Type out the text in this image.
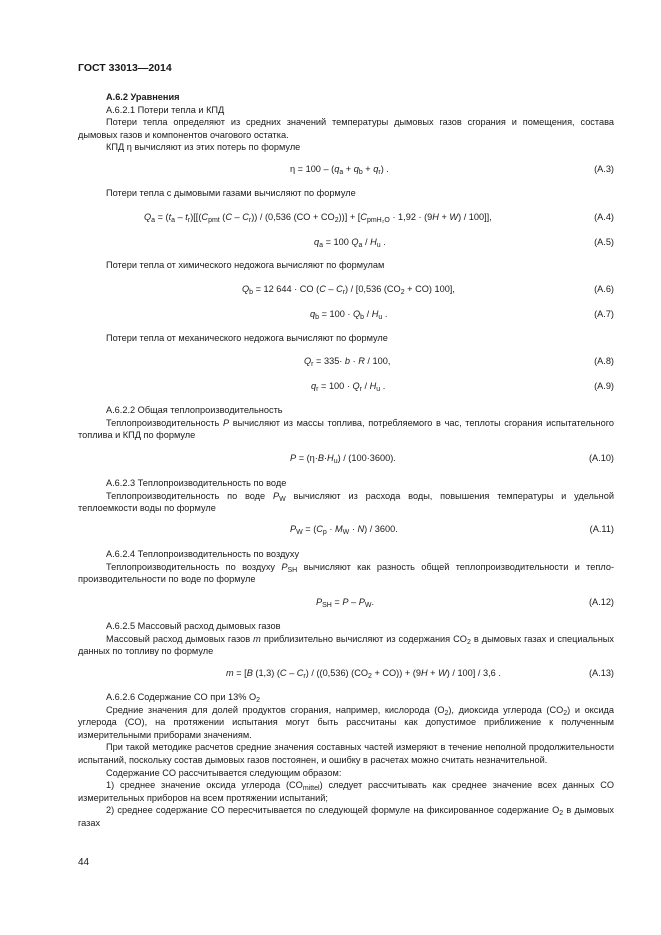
ГОСТ 33013—2014

А.6.2 Уравнения

А.6.2.1 Потери тепла и КПД

Потери тепла определяют из средних значений температуры дымовых газов сгорания и помещения, состава дымовых газов и компонентов очагового остатка.

КПД η вычисляют из этих потерь по формуле

$\eta = 100 - (q_a + q_b + q_r)$ .	(А.3)

Потери тепла с дымовыми газами вычисляют по формуле

$Q_a = (t_a - t_r)[[(C_{pmt}$ $(C - C_r)) / (0,536$ $(CO + CO_2))] + [C_{pmH_2O} \cdot 1,92 \cdot (9H + W) / 100]$],	(А.4)
$q_a = 100$ $Q_a / H_u$ .	(А.5)

Потери тепла от химического недожога вычисляют по формулам

$Q_b = 12$ 644 · CO $(C - C_r) / [0,536$ $(CO_2 + CO)$ 100],	(А.6)
$q_b = 100 \cdot Q_b / H_u$ .	(А.7)

Потери тепла от механического недожога вычисляют по формуле

$Q_r = 335\cdot b \cdot R / 100$,	(А.8)
$q_r = 100 \cdot Q_r / H_u$ .	(А.9)

А.6.2.2 Общая теплопроизводительность

Теплопроизводительность P вычисляют из массы топлива, потребляемого в час, теплоты сгорания испытательного топлива и КПД по формуле

$P = (\eta\cdot B\cdot H_u) / (100\cdot 3600)$.	(А.10)

А.6.2.3 Теплопроизводительность по воде

Теплопроизводительность по воде $P_W$ вычисляют из расхода воды, повышения температуры и удельной теплоемкости воды по формуле

$P_W = (C_p \cdot M_W \cdot N) / 3600$.	(А.11)

А.6.2.4 Теплопроизводительность по воздуху

Теплопроизводительность по воздуху $P_{SH}$ вычисляют как разность общей теплопроизводительности и теплопроизводительности по воде по формуле

$P_{SH} = P - P_W$.	(А.12)

А.6.2.5 Массовый расход дымовых газов

Массовый расход дымовых газов m приблизительно вычисляют из содержания $CO_2$ в дымовых газах и специальных данных по топливу по формуле

m = [B (1,3) $(C - C_r) / ((0,536) (CO_2 + CO)) + (9H + W) / 100] / 3,6$ .	(А.13)

А.6.2.6 Содержание CO при 13% $O_2$

Средние значения для долей продуктов сгорания, например, кислорода $(O_2)$, диоксида углерода $(CO_2)$ и оксида углерода (CO), на протяжении испытания могут быть рассчитаны как допустимое приближение к полученным измерительными приборами значениям.

При такой методике расчетов средние значения составных частей измеряют в течение неполной продолжительности испытаний, поскольку состав дымовых газов постоянен, и ошибку в расчетах можно считать незначительной.

Содержание CO рассчитывается следующим образом:

1) среднее значение оксида углерода $(CO_{mittel})$ следует рассчитывать как среднее значение всех данных CO измерительных приборов на всем протяжении испытаний;

2) среднее содержание CO пересчитывается по следующей формуле на фиксированное содержание $O_2$ в дымовых газах

44
